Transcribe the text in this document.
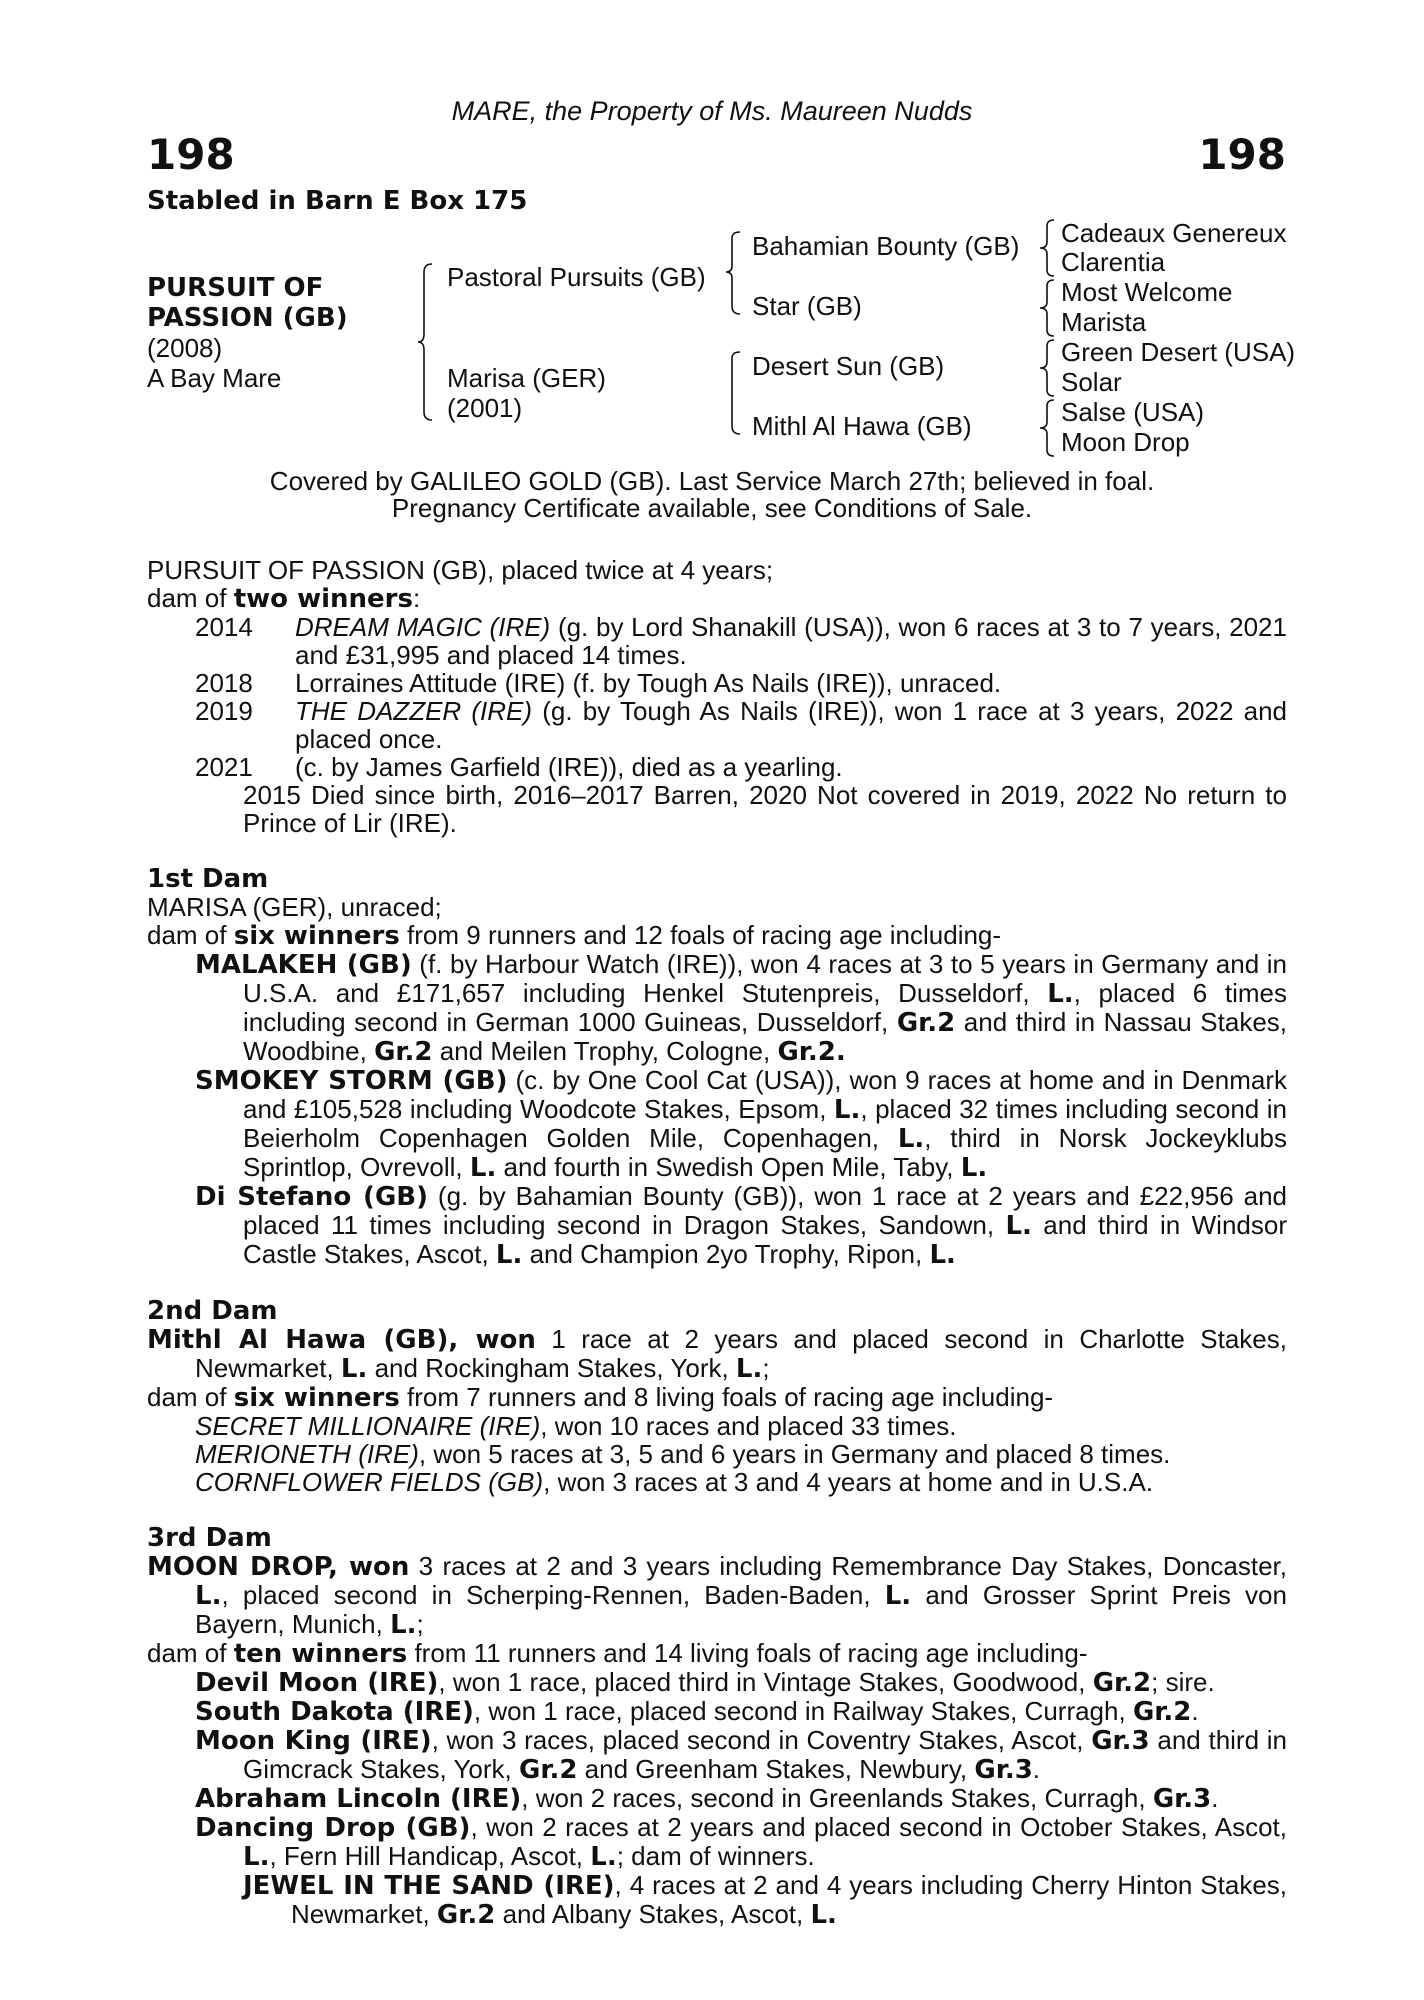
MARE, the Property of Ms. Maureen Nudds
198	198
Stabled in Barn E Box 175
PURSUIT OF
PASSION (GB)
(2008)
A Bay Mare
Pastoral Pursuits (GB)
Marisa (GER)
(2001)
Bahamian Bounty (GB)
Star (GB)
Desert Sun (GB)
Mithl Al Hawa (GB)
Cadeaux Genereux
Clarentia
Most Welcome
Marista
Green Desert (USA)
Solar
Salse (USA)
Moon Drop
Covered by GALILEO GOLD (GB). Last Service March 27th; believed in foal.
Pregnancy Certificate available, see Conditions of Sale.

PURSUIT OF PASSION (GB), placed twice at 4 years;

dam of two winners:

2014	DREAM MAGIC (IRE) (g. by Lord Shanakill (USA)), won 6 races at 3 to 7 years, 2021 and £31,995 and placed 14 times.
2018	Lorraines Attitude (IRE) (f. by Tough As Nails (IRE)), unraced.
2019	THE DAZZER (IRE) (g. by Tough As Nails (IRE)), won 1 race at 3 years, 2022 and placed once.
2021	(c. by James Garfield (IRE)), died as a yearling.

2015 Died since birth, 2016–2017 Barren, 2020 Not covered in 2019, 2022 No return to Prince of Lir (IRE).

1st Dam

MARISA (GER), unraced;

dam of six winners from 9 runners and 12 foals of racing age including-

MALAKEH (GB) (f. by Harbour Watch (IRE)), won 4 races at 3 to 5 years in Germany and in U.S.A. and £171,657 including Henkel Stutenpreis, Dusseldorf, L., placed 6 times including second in German 1000 Guineas, Dusseldorf, Gr.2 and third in Nassau Stakes, Woodbine, Gr.2 and Meilen Trophy, Cologne, Gr.2.

SMOKEY STORM (GB) (c. by One Cool Cat (USA)), won 9 races at home and in Denmark and £105,528 including Woodcote Stakes, Epsom, L., placed 32 times including second in Beierholm Copenhagen Golden Mile, Copenhagen, L., third in Norsk Jockeyklubs Sprintlop, Ovrevoll, L. and fourth in Swedish Open Mile, Taby, L.

Di Stefano (GB) (g. by Bahamian Bounty (GB)), won 1 race at 2 years and £22,956 and placed 11 times including second in Dragon Stakes, Sandown, L. and third in Windsor Castle Stakes, Ascot, L. and Champion 2yo Trophy, Ripon, L.

2nd Dam

Mithl Al Hawa (GB), won 1 race at 2 years and placed second in Charlotte Stakes, Newmarket, L. and Rockingham Stakes, York, L.;

dam of six winners from 7 runners and 8 living foals of racing age including-

SECRET MILLIONAIRE (IRE), won 10 races and placed 33 times.

MERIONETH (IRE), won 5 races at 3, 5 and 6 years in Germany and placed 8 times.

CORNFLOWER FIELDS (GB), won 3 races at 3 and 4 years at home and in U.S.A.

3rd Dam

MOON DROP, won 3 races at 2 and 3 years including Remembrance Day Stakes, Doncaster, L., placed second in Scherping-Rennen, Baden-Baden, L. and Grosser Sprint Preis von Bayern, Munich, L.;

dam of ten winners from 11 runners and 14 living foals of racing age including-

Devil Moon (IRE), won 1 race, placed third in Vintage Stakes, Goodwood, Gr.2; sire.

South Dakota (IRE), won 1 race, placed second in Railway Stakes, Curragh, Gr.2.

Moon King (IRE), won 3 races, placed second in Coventry Stakes, Ascot, Gr.3 and third in Gimcrack Stakes, York, Gr.2 and Greenham Stakes, Newbury, Gr.3.

Abraham Lincoln (IRE), won 2 races, second in Greenlands Stakes, Curragh, Gr.3.

Dancing Drop (GB), won 2 races at 2 years and placed second in October Stakes, Ascot, L., Fern Hill Handicap, Ascot, L.; dam of winners.

JEWEL IN THE SAND (IRE), 4 races at 2 and 4 years including Cherry Hinton Stakes, Newmarket, Gr.2 and Albany Stakes, Ascot, L.
